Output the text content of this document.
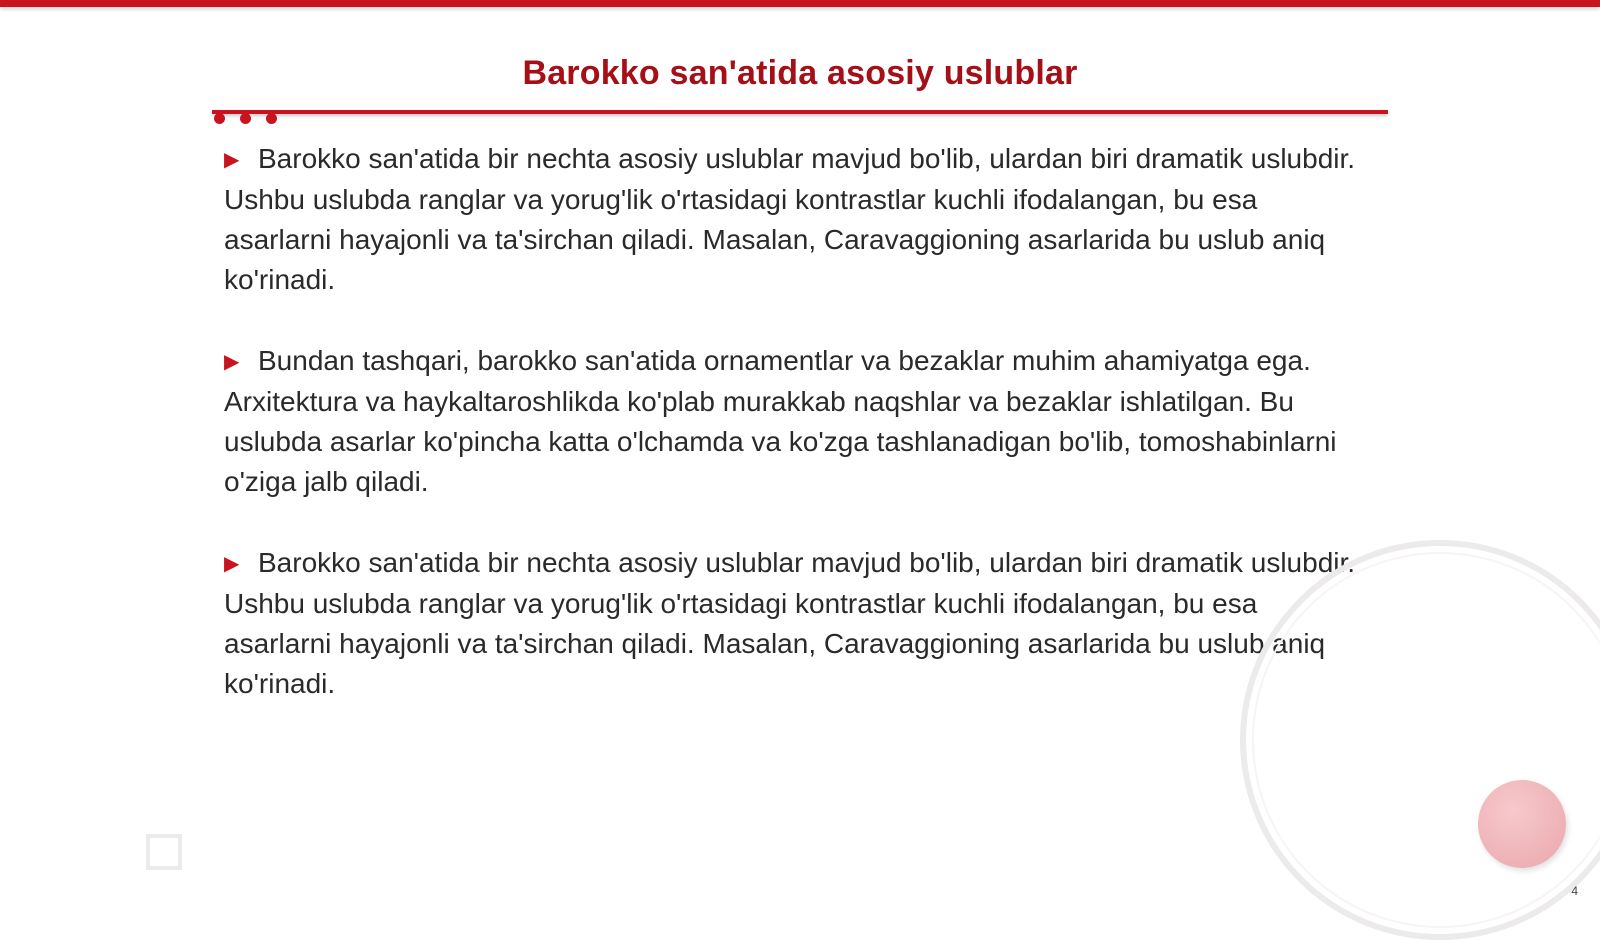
Barokko san'atida asosiy uslublar

▶ Barokko san'atida bir nechta asosiy uslublar mavjud bo'lib, ulardan biri dramatik uslubdir. Ushbu uslubda ranglar va yorug'lik o'rtasidagi kontrastlar kuchli ifodalangan, bu esa asarlarni hayajonli va ta'sirchan qiladi. Masalan, Caravaggioning asarlarida bu uslub aniq ko'rinadi.

▶ Bundan tashqari, barokko san'atida ornamentlar va bezaklar muhim ahamiyatga ega. Arxitektura va haykaltaroshlikda ko'plab murakkab naqshlar va bezaklar ishlatilgan. Bu uslubda asarlar ko'pincha katta o'lchamda va ko'zga tashlanadigan bo'lib, tomoshabinlarni o'ziga jalb qiladi.

▶ Barokko san'atida bir nechta asosiy uslublar mavjud bo'lib, ulardan biri dramatik uslubdir. Ushbu uslubda ranglar va yorug'lik o'rtasidagi kontrastlar kuchli ifodalangan, bu esa asarlarni hayajonli va ta'sirchan qiladi. Masalan, Caravaggioning asarlarida bu uslub aniq ko'rinadi.

4
